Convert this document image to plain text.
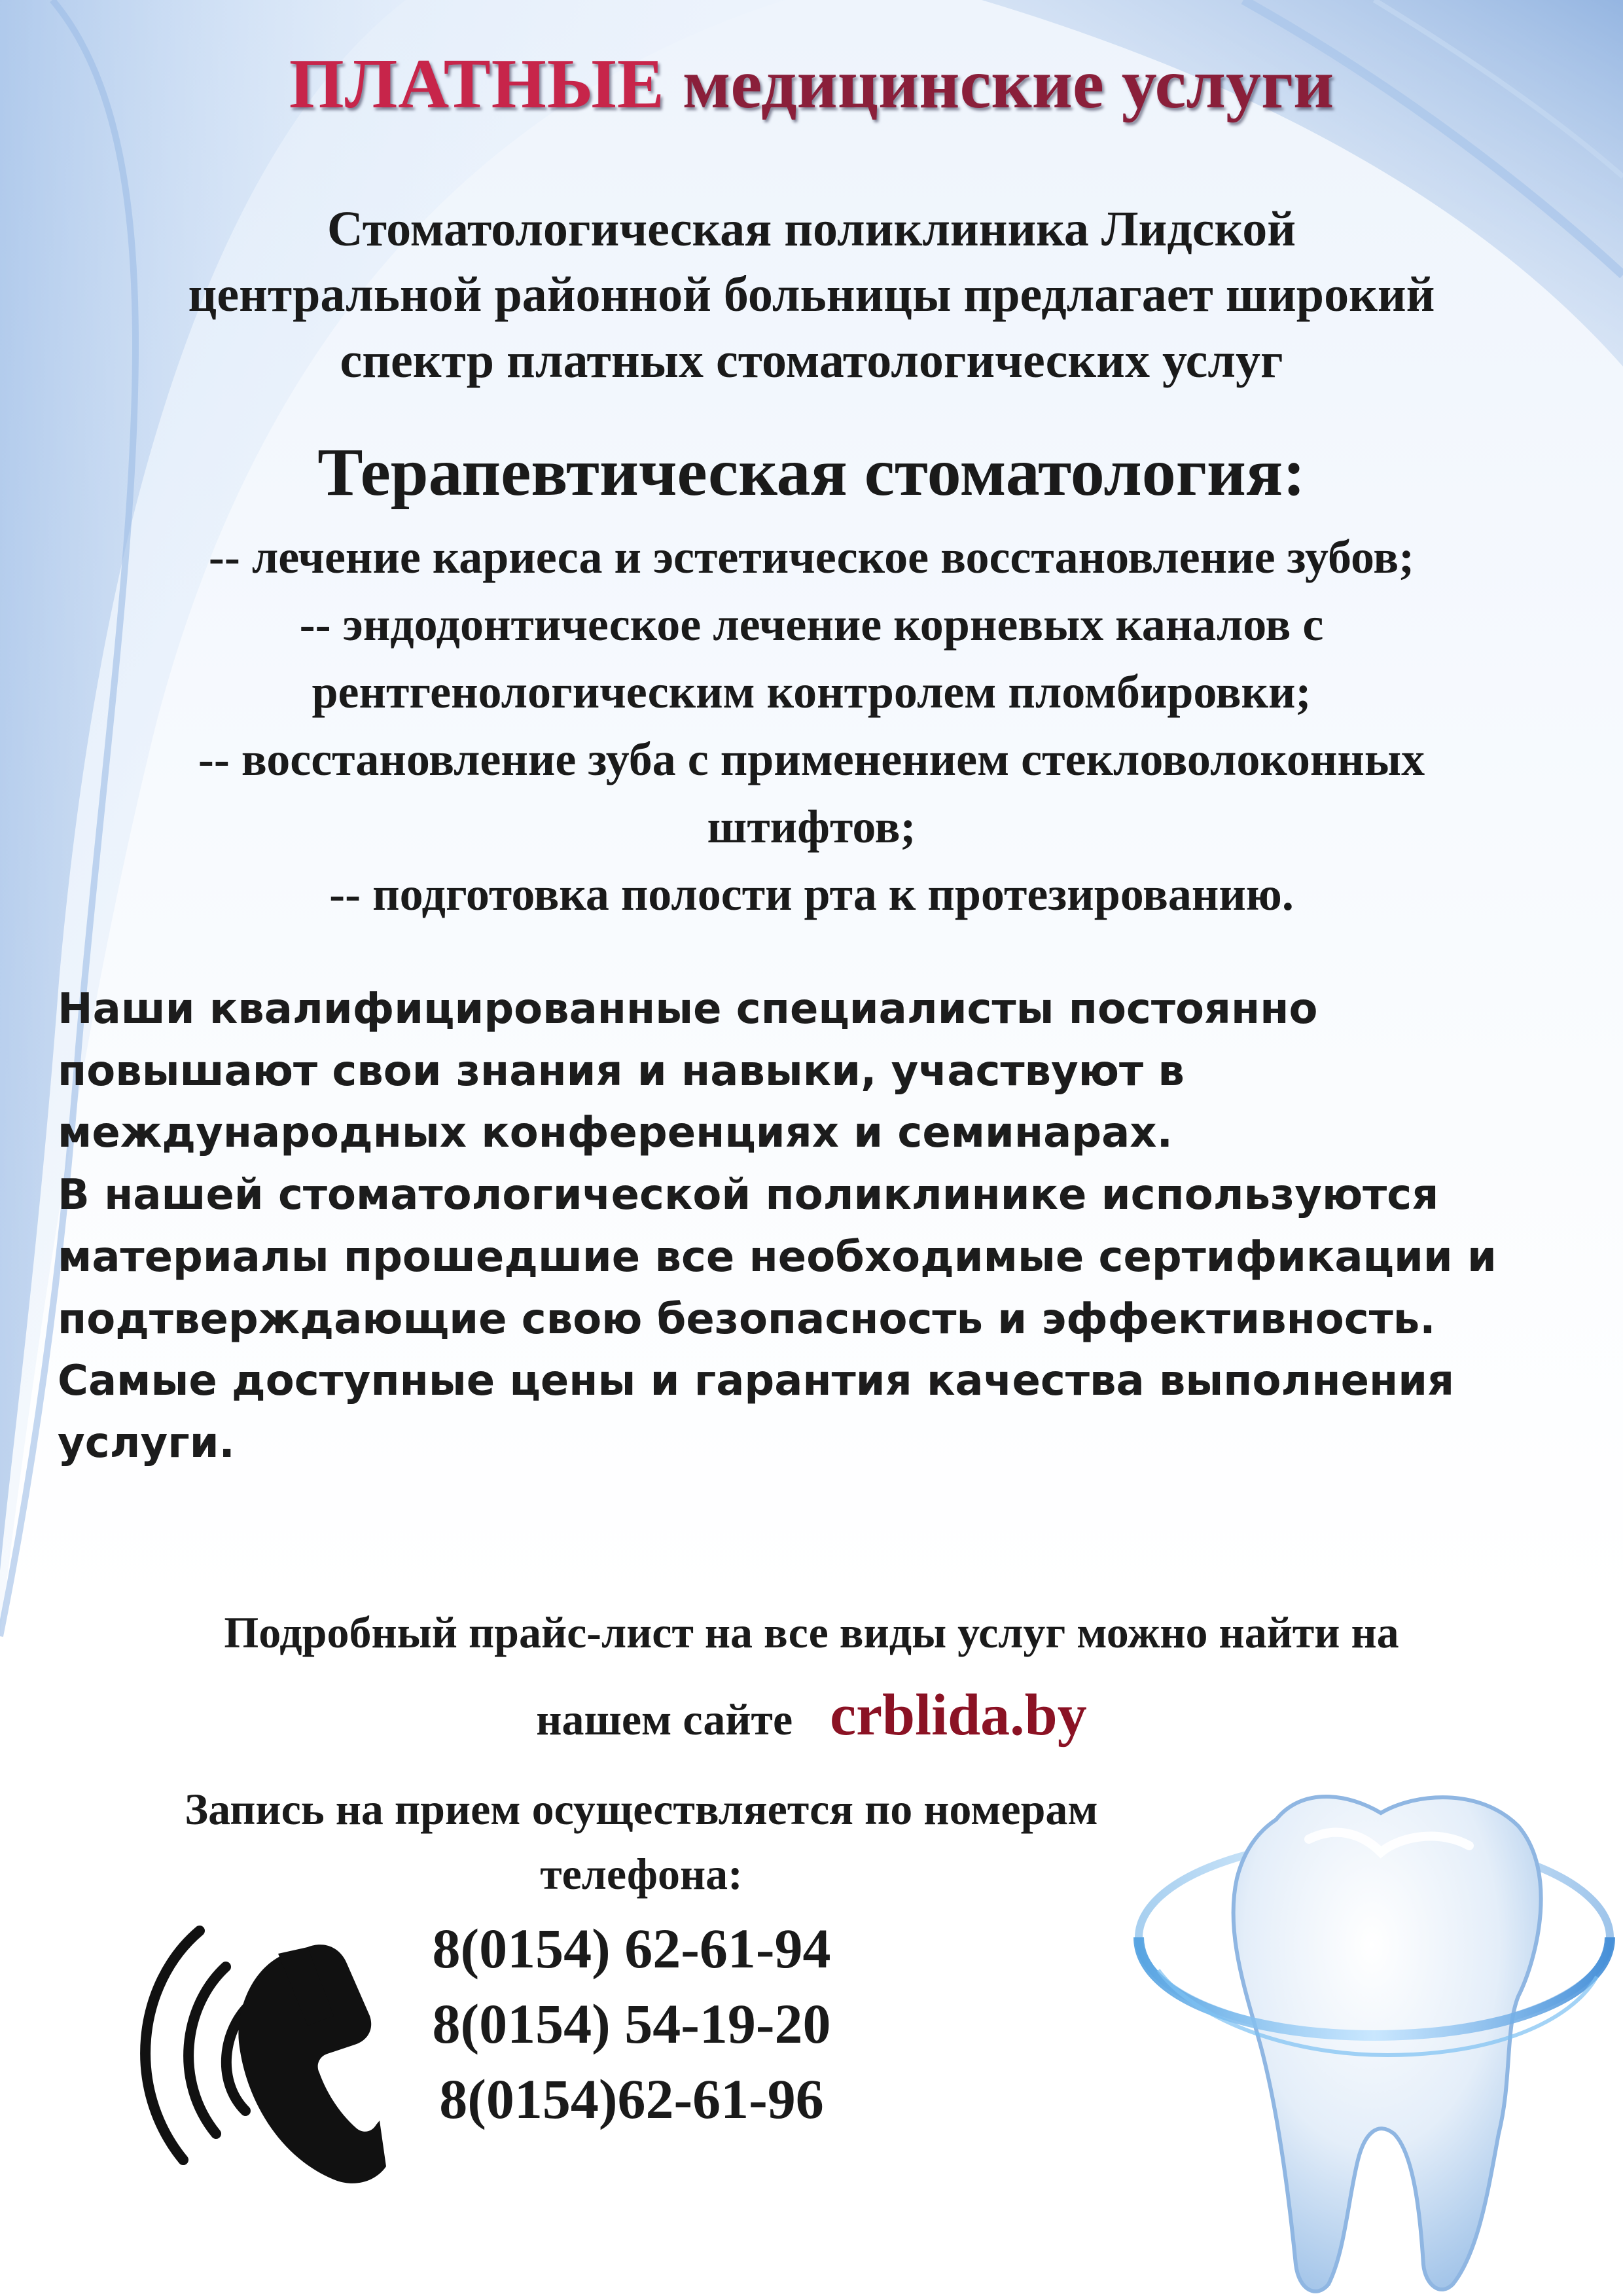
ПЛАТНЫЕ медицинские услуги
Стоматологическая поликлиника Лидской
центральной районной больницы предлагает широкий
спектр платных стоматологических услуг
Терапевтическая стоматология:
-- лечение кариеса и эстетическое восстановление зубов;
-- эндодонтическое лечение корневых каналов с
рентгенологическим контролем пломбировки;
-- восстановление зуба с применением стекловолоконных
штифтов;
-- подготовка полости рта к протезированию.
Наши квалифицированные специалисты постоянно
повышают свои знания и навыки, участвуют в
международных конференциях и семинарах.
В нашей стоматологической поликлинике используются
материалы прошедшие все необходимые сертификации и
подтверждающие свою безопасность и эффективность.
Самые доступные цены и гарантия качества выполнения
услуги.
Подробный прайс-лист на все виды услуг можно найти на
нашем сайте crblida.by
Запись на прием осуществляется по номерам
телефона:
8(0154) 62-61-94
8(0154) 54-19-20
8(0154)62-61-96
